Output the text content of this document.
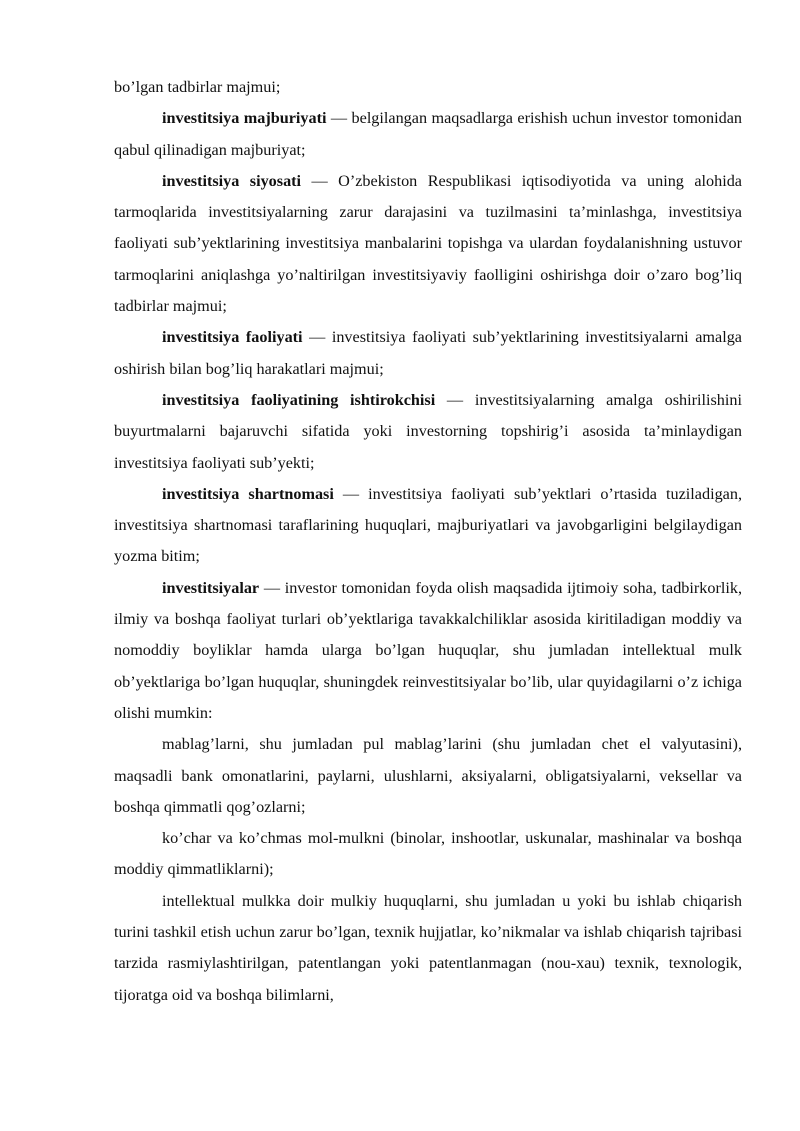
bo’lgan tadbirlar majmui;

investitsiya majburiyati — belgilangan maqsadlarga erishish uchun investor tomonidan qabul qilinadigan majburiyat;

investitsiya siyosati — O’zbekiston Respublikasi iqtisodiyotida va uning alohida tarmoqlarida investitsiyalarning zarur darajasini va tuzilmasini ta’minlashga, investitsiya faoliyati sub’yektlarining investitsiya manbalarini topishga va ulardan foydalanishning ustuvor tarmoqlarini aniqlashga yo’naltirilgan investitsiyaviy faolligini oshirishga doir o’zaro bog’liq tadbirlar majmui;

investitsiya faoliyati — investitsiya faoliyati sub’yektlarining investitsiyalarni amalga oshirish bilan bog’liq harakatlari majmui;

investitsiya faoliyatining ishtirokchisi — investitsiyalarning amalga oshirilishini buyurtmalarni bajaruvchi sifatida yoki investorning topshirig’i asosida ta’minlaydigan investitsiya faoliyati sub’yekti;

investitsiya shartnomasi — investitsiya faoliyati sub’yektlari o’rtasida tuziladigan, investitsiya shartnomasi taraflarining huquqlari, majburiyatlari va javobgarligini belgilaydigan yozma bitim;

investitsiyalar — investor tomonidan foyda olish maqsadida ijtimoiy soha, tadbirkorlik, ilmiy va boshqa faoliyat turlari ob’yektlariga tavakkalchiliklar asosida kiritiladigan moddiy va nomoddiy boyliklar hamda ularga bo’lgan huquqlar, shu jumladan intellektual mulk ob’yektlariga bo’lgan huquqlar, shuningdek reinvestitsiyalar bo’lib, ular quyidagilarni o’z ichiga olishi mumkin:

mablag’larni, shu jumladan pul mablag’larini (shu jumladan chet el valyutasini), maqsadli bank omonatlarini, paylarni, ulushlarni, aksiyalarni, obligatsiyalarni, veksellar va boshqa qimmatli qog’ozlarni;

ko’char va ko’chmas mol-mulkni (binolar, inshootlar, uskunalar, mashinalar va boshqa moddiy qimmatliklarni);

intellektual mulkka doir mulkiy huquqlarni, shu jumladan u yoki bu ishlab chiqarish turini tashkil etish uchun zarur bo’lgan, texnik hujjatlar, ko’nikmalar va ishlab chiqarish tajribasi tarzida rasmiylashtirilgan, patentlangan yoki patentlanmagan (nou-xau) texnik, texnologik, tijoratga oid va boshqa bilimlarni,
